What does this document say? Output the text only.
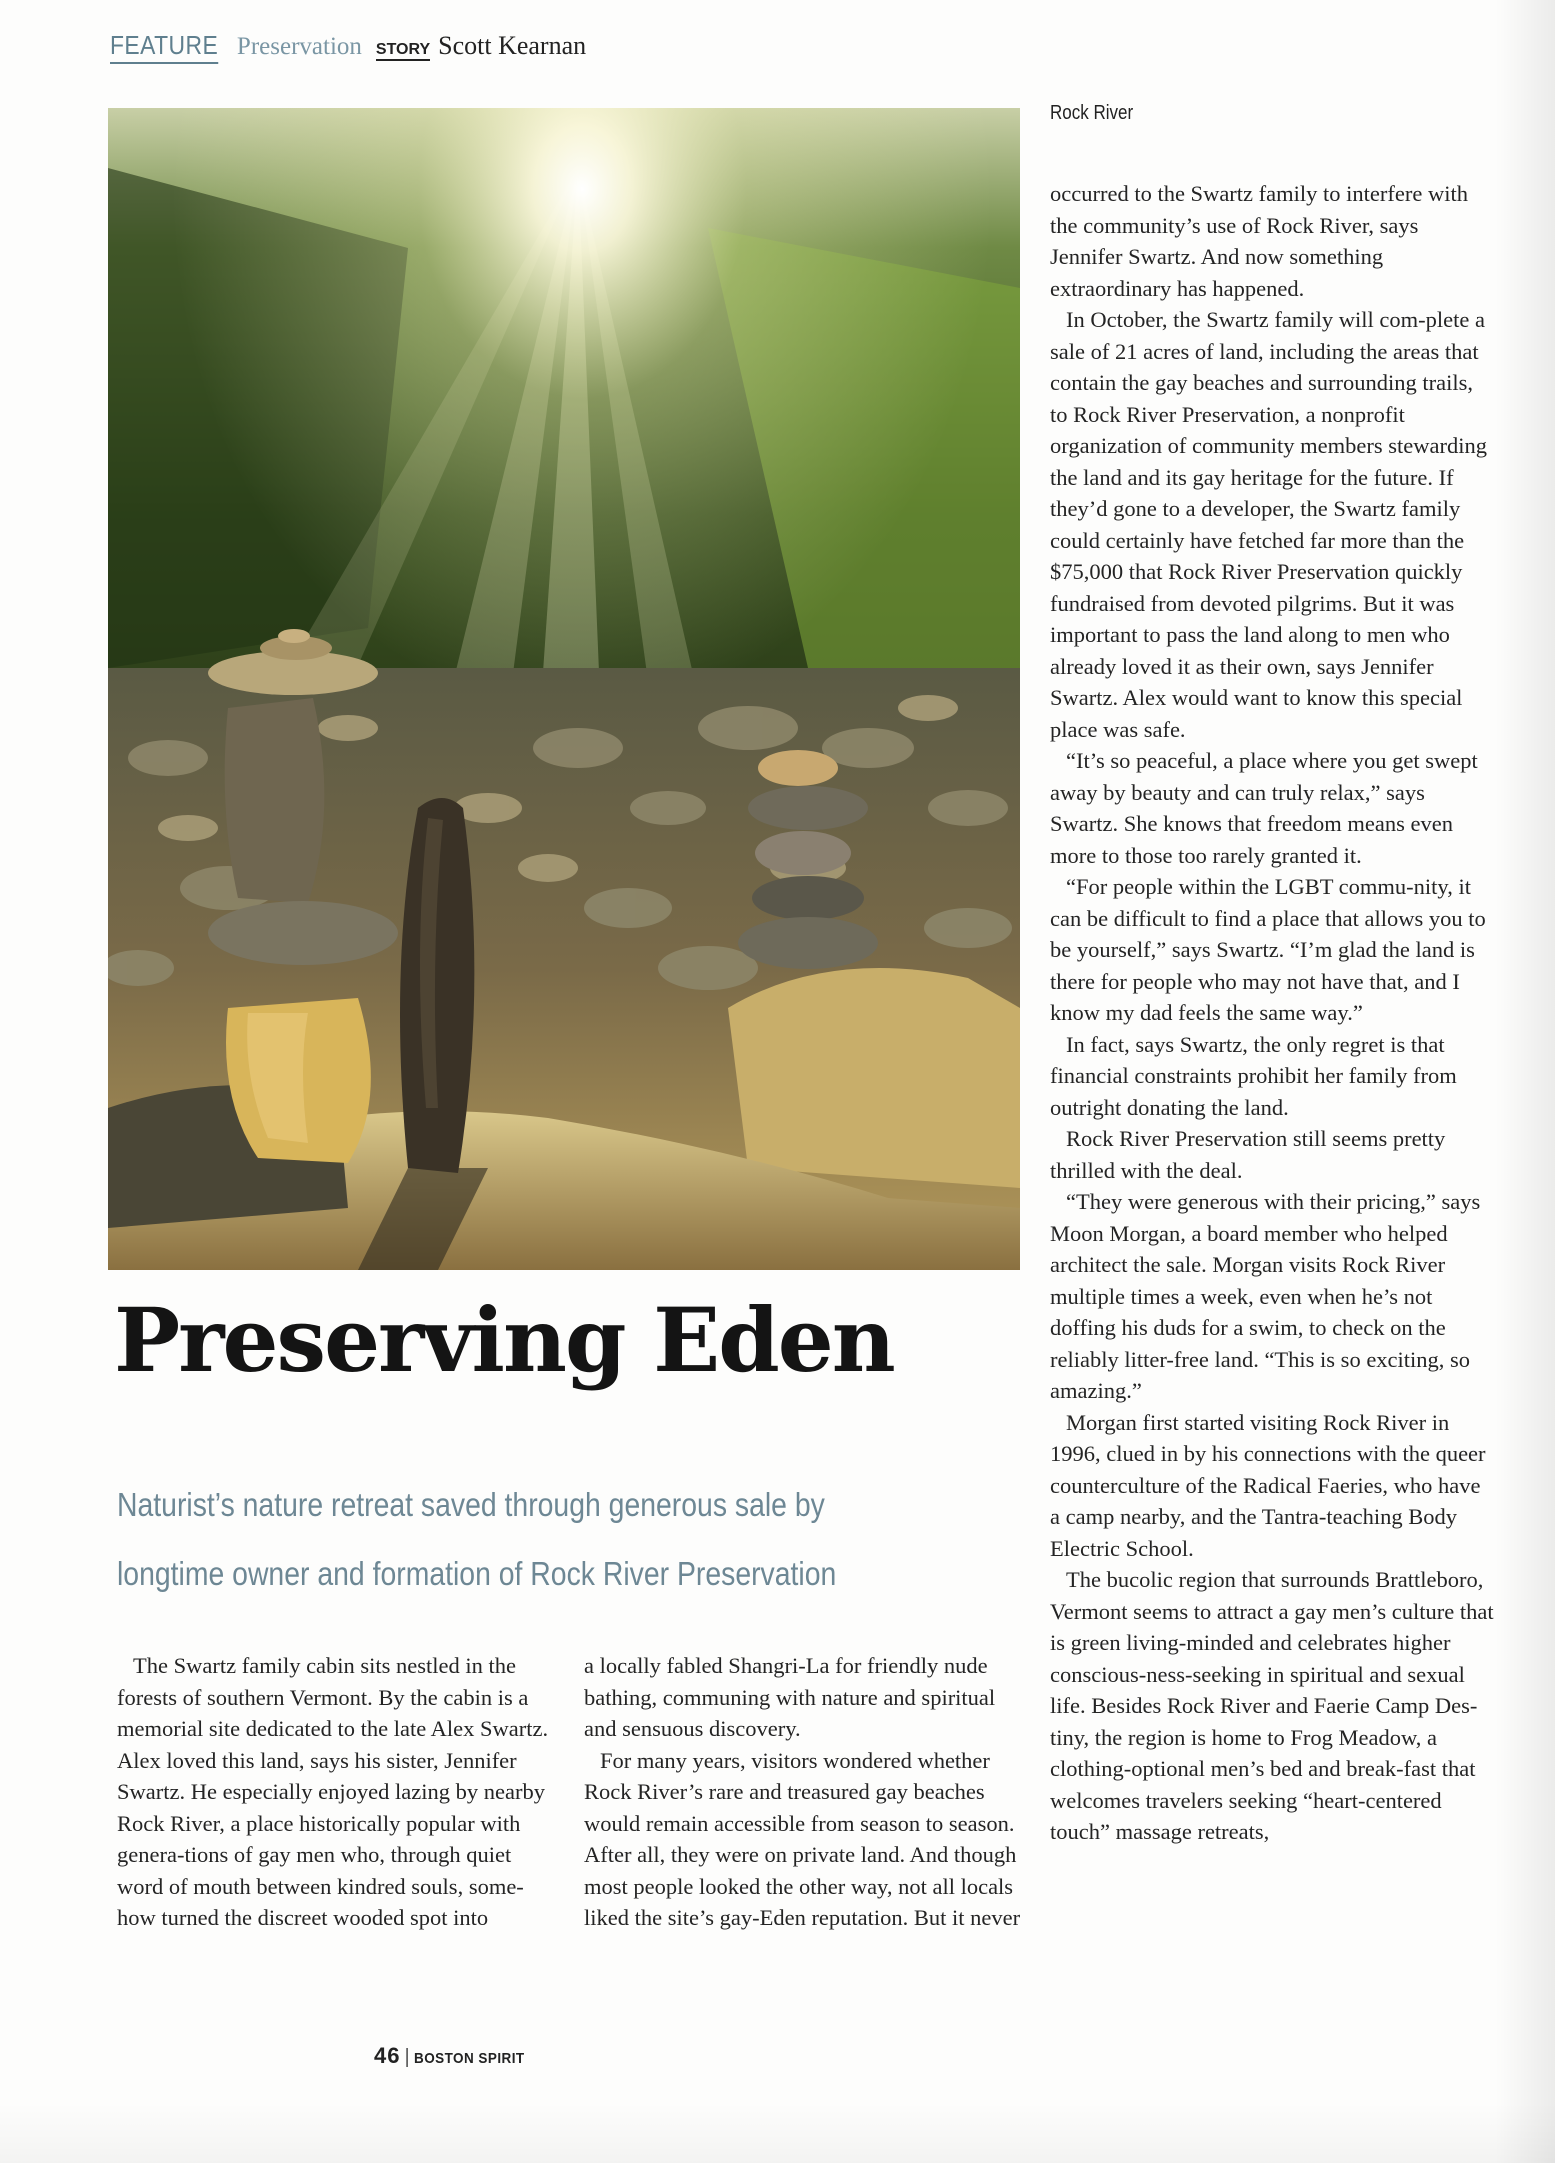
FEATURE Preservation STORY Scott Kearnan
Rock River
Preserving Eden

Naturist’s nature retreat saved through generous sale by longtime owner and formation of Rock River Preservation

The Swartz family cabin sits nestled in the forests of southern Vermont. By the cabin is a memorial site dedicated to the late Alex Swartz. Alex loved this land, says his sister, Jennifer Swartz. He especially enjoyed lazing by nearby Rock River, a place historically popular with genera-tions of gay men who, through quiet word of mouth between kindred souls, some-how turned the discreet wooded spot into

a locally fabled Shangri-La for friendly nude bathing, communing with nature and spiritual and sensuous discovery.

For many years, visitors wondered whether Rock River’s rare and treasured gay beaches would remain accessible from season to season. After all, they were on private land. And though most people looked the other way, not all locals liked the site’s gay-Eden reputation. But it never

occurred to the Swartz family to interfere with the community’s use of Rock River, says Jennifer Swartz. And now something extraordinary has happened.

In October, the Swartz family will com-plete a sale of 21 acres of land, including the areas that contain the gay beaches and surrounding trails, to Rock River Preservation, a nonprofit organization of community members stewarding the land and its gay heritage for the future. If they’d gone to a developer, the Swartz family could certainly have fetched far more than the $75,000 that Rock River Preservation quickly fundraised from devoted pilgrims. But it was important to pass the land along to men who already loved it as their own, says Jennifer Swartz. Alex would want to know this special place was safe.

“It’s so peaceful, a place where you get swept away by beauty and can truly relax,” says Swartz. She knows that freedom means even more to those too rarely granted it.

“For people within the LGBT commu-nity, it can be difficult to find a place that allows you to be yourself,” says Swartz. “I’m glad the land is there for people who may not have that, and I know my dad feels the same way.”

In fact, says Swartz, the only regret is that financial constraints prohibit her family from outright donating the land.

Rock River Preservation still seems pretty thrilled with the deal.

“They were generous with their pricing,” says Moon Morgan, a board member who helped architect the sale. Morgan visits Rock River multiple times a week, even when he’s not doffing his duds for a swim, to check on the reliably litter-free land. “This is so exciting, so amazing.”

Morgan first started visiting Rock River in 1996, clued in by his connections with the queer counterculture of the Radical Faeries, who have a camp nearby, and the Tantra-teaching Body Electric School.

The bucolic region that surrounds Brattleboro, Vermont seems to attract a gay men’s culture that is green living-minded and celebrates higher conscious-ness-seeking in spiritual and sexual life. Besides Rock River and Faerie Camp Des-tiny, the region is home to Frog Meadow, a clothing-optional men’s bed and break-fast that welcomes travelers seeking “heart-centered touch” massage retreats,

46 | BOSTON SPIRIT
